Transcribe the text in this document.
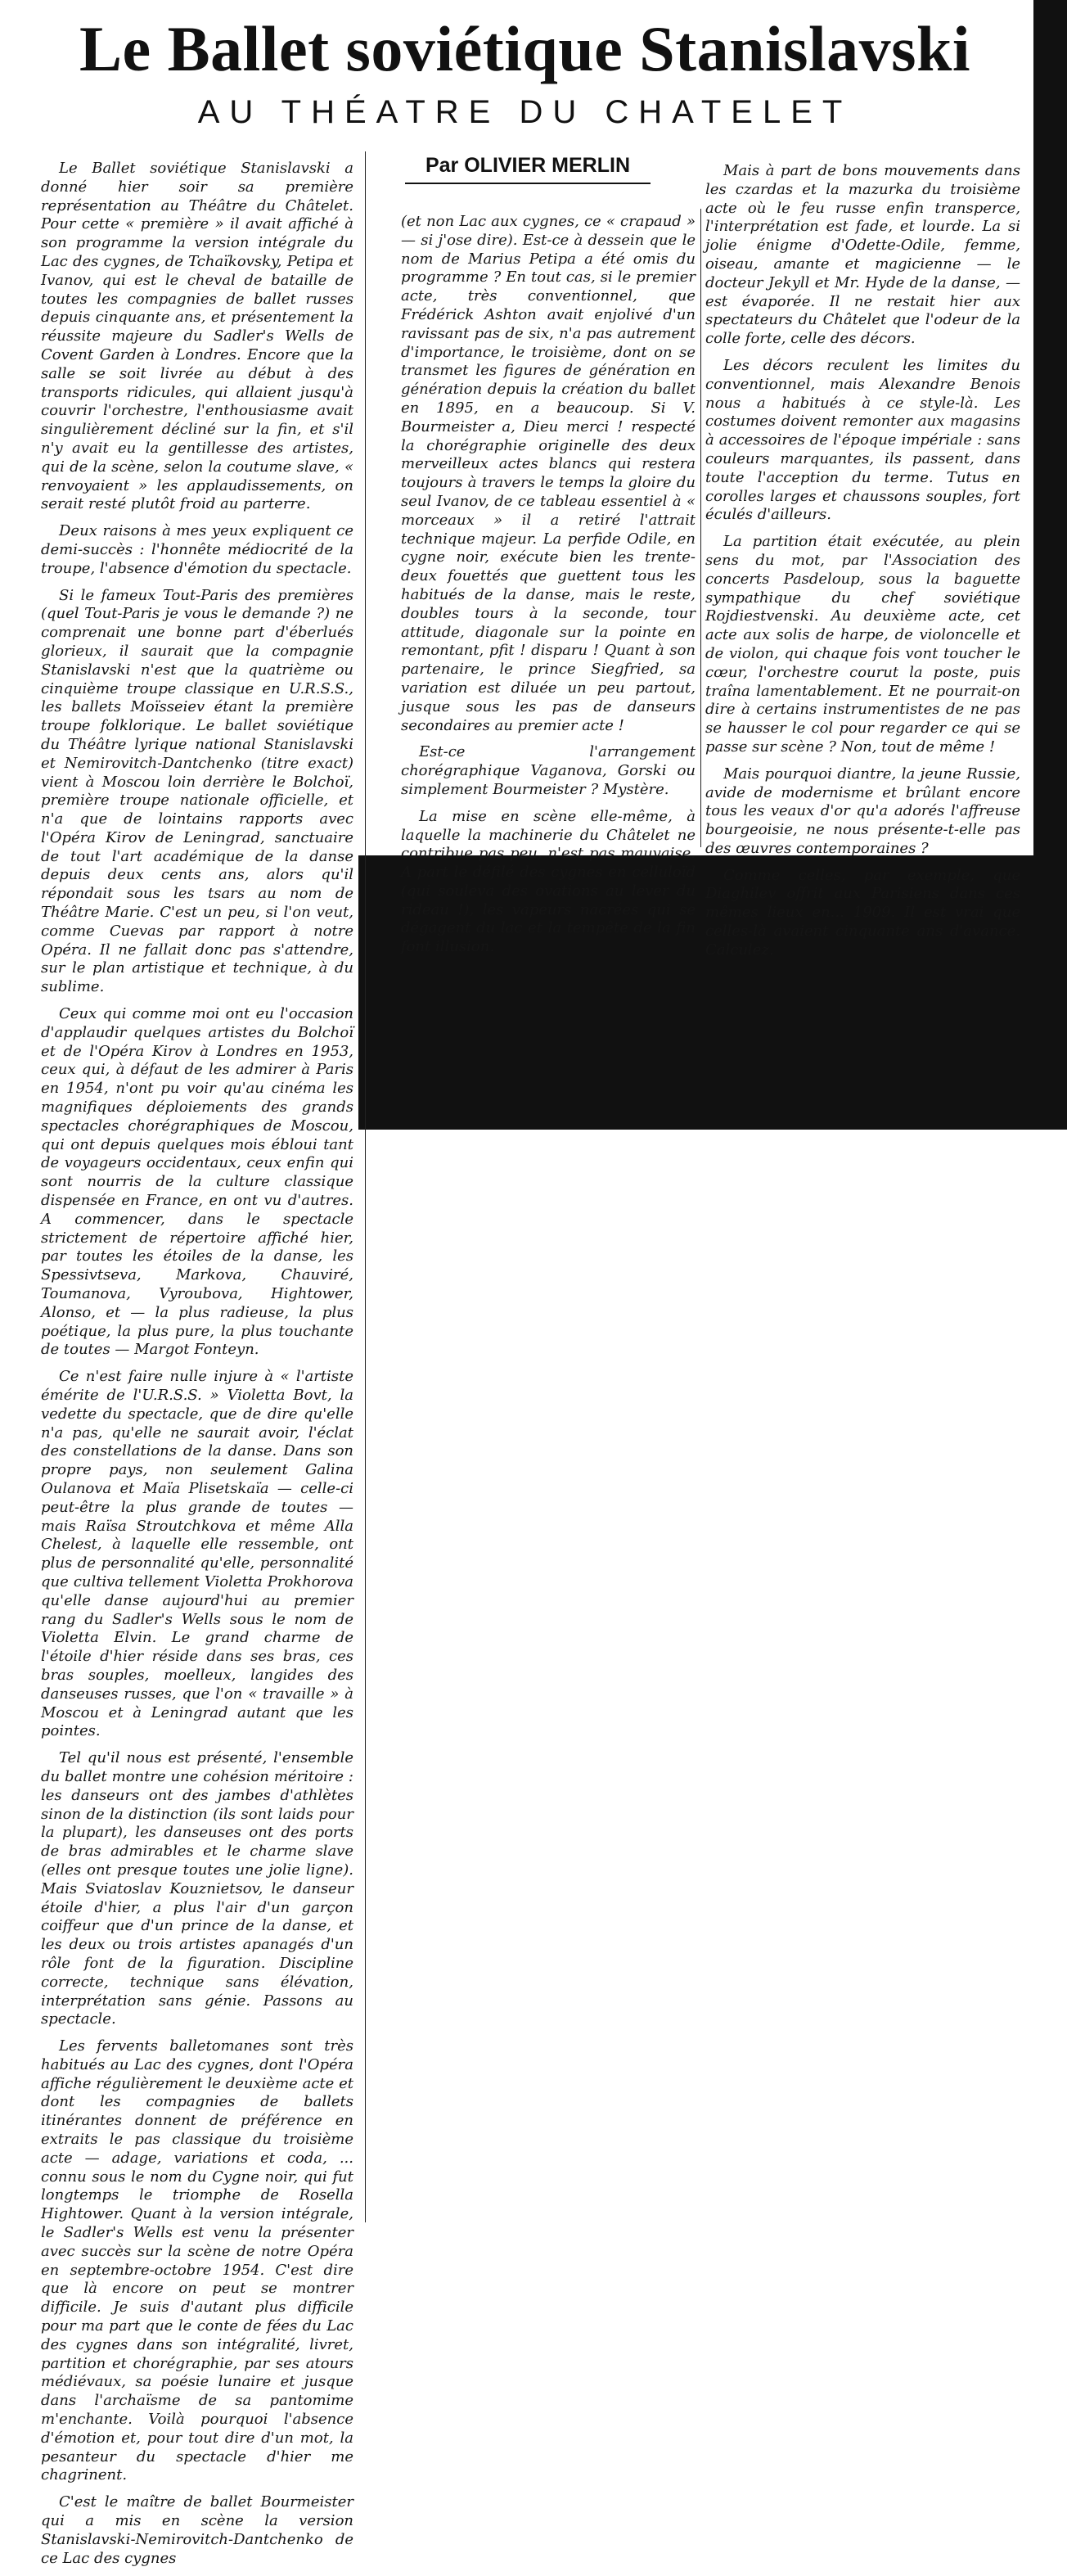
Le Ballet soviétique Stanislavski
AU THÉATRE DU CHATELET
Par OLIVIER MERLIN

Le Ballet soviétique Stanislavski a donné hier soir sa première représentation au Théâtre du Châtelet. Pour cette « première » il avait affiché à son programme la version intégrale du Lac des cygnes, de Tchaïkovsky, Petipa et Ivanov, qui est le cheval de bataille de toutes les compagnies de ballet russes depuis cinquante ans, et présentement la réussite majeure du Sadler's Wells de Covent Garden à Londres. Encore que la salle se soit livrée au début à des transports ridicules, qui allaient jusqu'à couvrir l'orchestre, l'enthousiasme avait singulièrement décliné sur la fin, et s'il n'y avait eu la gentillesse des artistes, qui de la scène, selon la coutume slave, « renvoyaient » les applaudissements, on serait resté plutôt froid au parterre.

Deux raisons à mes yeux expliquent ce demi-succès : l'honnête médiocrité de la troupe, l'absence d'émotion du spectacle.

Si le fameux Tout-Paris des premières (quel Tout-Paris je vous le demande ?) ne comprenait une bonne part d'éberlués glorieux, il saurait que la compagnie Stanislavski n'est que la quatrième ou cinquième troupe classique en U.R.S.S., les ballets Moïsseiev étant la première troupe folklorique. Le ballet soviétique du Théâtre lyrique national Stanislavski et Nemirovitch-Dantchenko (titre exact) vient à Moscou loin derrière le Bolchoï, première troupe nationale officielle, et n'a que de lointains rapports avec l'Opéra Kirov de Leningrad, sanctuaire de tout l'art académique de la danse depuis deux cents ans, alors qu'il répondait sous les tsars au nom de Théâtre Marie. C'est un peu, si l'on veut, comme Cuevas par rapport à notre Opéra. Il ne fallait donc pas s'attendre, sur le plan artistique et technique, à du sublime.

Ceux qui comme moi ont eu l'occasion d'applaudir quelques artistes du Bolchoï et de l'Opéra Kirov à Londres en 1953, ceux qui, à défaut de les admirer à Paris en 1954, n'ont pu voir qu'au cinéma les magnifiques déploiements des grands spectacles chorégraphiques de Moscou, qui ont depuis quelques mois ébloui tant de voyageurs occidentaux, ceux enfin qui sont nourris de la culture classique dispensée en France, en ont vu d'autres. A commencer, dans le spectacle strictement de répertoire affiché hier, par toutes les étoiles de la danse, les Spessivtseva, Markova, Chauviré, Toumanova, Vyroubova, Hightower, Alonso, et — la plus radieuse, la plus poétique, la plus pure, la plus touchante de toutes — Margot Fonteyn.

Ce n'est faire nulle injure à « l'artiste émérite de l'U.R.S.S. » Violetta Bovt, la vedette du spectacle, que de dire qu'elle n'a pas, qu'elle ne saurait avoir, l'éclat des constellations de la danse. Dans son propre pays, non seulement Galina Oulanova et Maïa Plisetskaïa — celle-ci peut-être la plus grande de toutes — mais Raïsa Stroutchkova et même Alla Chelest, à laquelle elle ressemble, ont plus de personnalité qu'elle, personnalité que cultiva tellement Violetta Prokhorova qu'elle danse aujourd'hui au premier rang du Sadler's Wells sous le nom de Violetta Elvin. Le grand charme de l'étoile d'hier réside dans ses bras, ces bras souples, moelleux, langides des danseuses russes, que l'on « travaille » à Moscou et à Leningrad autant que les pointes.

Tel qu'il nous est présenté, l'ensemble du ballet montre une cohésion méritoire : les danseurs ont des jambes d'athlètes sinon de la distinction (ils sont laids pour la plupart), les danseuses ont des ports de bras admirables et le charme slave (elles ont presque toutes une jolie ligne). Mais Sviatoslav Kouznietsov, le danseur étoile d'hier, a plus l'air d'un garçon coiffeur que d'un prince de la danse, et les deux ou trois artistes apanagés d'un rôle font de la figuration. Discipline correcte, technique sans élévation, interprétation sans génie. Passons au spectacle.

Les fervents balletomanes sont très habitués au Lac des cygnes, dont l'Opéra affiche régulièrement le deuxième acte et dont les compagnies de ballets itinérantes donnent de préférence en extraits le pas classique du troisième acte — adage, variations et coda, ... connu sous le nom du Cygne noir, qui fut longtemps le triomphe de Rosella Hightower. Quant à la version intégrale, le Sadler's Wells est venu la présenter avec succès sur la scène de notre Opéra en septembre-octobre 1954. C'est dire que là encore on peut se montrer difficile. Je suis d'autant plus difficile pour ma part que le conte de fées du Lac des cygnes dans son intégralité, livret, partition et chorégraphie, par ses atours médiévaux, sa poésie lunaire et jusque dans l'archaïsme de sa pantomime m'enchante. Voilà pourquoi l'absence d'émotion et, pour tout dire d'un mot, la pesanteur du spectacle d'hier me chagrinent.

C'est le maître de ballet Bourmeister qui a mis en scène la version Stanislavski-Nemirovitch-Dantchenko de ce Lac des cygnes

(et non Lac aux cygnes, ce « crapaud » — si j'ose dire). Est-ce à dessein que le nom de Marius Petipa a été omis du programme ? En tout cas, si le premier acte, très conventionnel, que Frédérick Ashton avait enjolivé d'un ravissant pas de six, n'a pas autrement d'importance, le troisième, dont on se transmet les figures de génération en génération depuis la création du ballet en 1895, en a beaucoup. Si V. Bourmeister a, Dieu merci ! respecté la chorégraphie originelle des deux merveilleux actes blancs qui restera toujours à travers le temps la gloire du seul Ivanov, de ce tableau essentiel à « morceaux » il a retiré l'attrait technique majeur. La perfide Odile, en cygne noir, exécute bien les trente-deux fouettés que guettent tous les habitués de la danse, mais le reste, doubles tours à la seconde, tour attitude, diagonale sur la pointe en remontant, pfit ! disparu ! Quant à son partenaire, le prince Siegfried, sa variation est diluée un peu partout, jusque sous les pas de danseurs secondaires au premier acte !

Est-ce l'arrangement chorégraphique Vaganova, Gorski ou simplement Bourmeister ? Mystère.

La mise en scène elle-même, à laquelle la machinerie du Châtelet ne contribue pas peu, n'est pas mauvaise. A part le défilé des cygnes en celluloïd (qui souleva des ovations au lever du rideau !), les vapeurs nacrées qui se dégagent du lac et la tempête de la fin font illusion.

Mais à part de bons mouvements dans les czardas et la mazurka du troisième acte où le feu russe enfin transperce, l'interprétation est fade, et lourde. La si jolie énigme d'Odette-Odile, femme, oiseau, amante et magicienne — le docteur Jekyll et Mr. Hyde de la danse, — est évaporée. Il ne restait hier aux spectateurs du Châtelet que l'odeur de la colle forte, celle des décors.

Les décors reculent les limites du conventionnel, mais Alexandre Benois nous a habitués à ce style-là. Les costumes doivent remonter aux magasins à accessoires de l'époque impériale : sans couleurs marquantes, ils passent, dans toute l'acception du terme. Tutus en corolles larges et chaussons souples, fort éculés d'ailleurs.

La partition était exécutée, au plein sens du mot, par l'Association des concerts Pasdeloup, sous la baguette sympathique du chef soviétique Rojdiestvenski. Au deuxième acte, cet acte aux solis de harpe, de violoncelle et de violon, qui chaque fois vont toucher le cœur, l'orchestre courut la poste, puis traîna lamentablement. Et ne pourrait-on dire à certains instrumentistes de ne pas se hausser le col pour regarder ce qui se passe sur scène ? Non, tout de même !

Mais pourquoi diantre, la jeune Russie, avide de modernisme et brûlant encore tous les veaux d'or qu'a adorés l'affreuse bourgeoisie, ne nous présente-t-elle pas des œuvres contemporaines ?

Comme celles, par exemple, que Diaghilev offrit aux Parisiens dans ces mêmes lieux en... 1909. Il est vrai que celles-là avaient cinquante ans d'avance. Calculez.
